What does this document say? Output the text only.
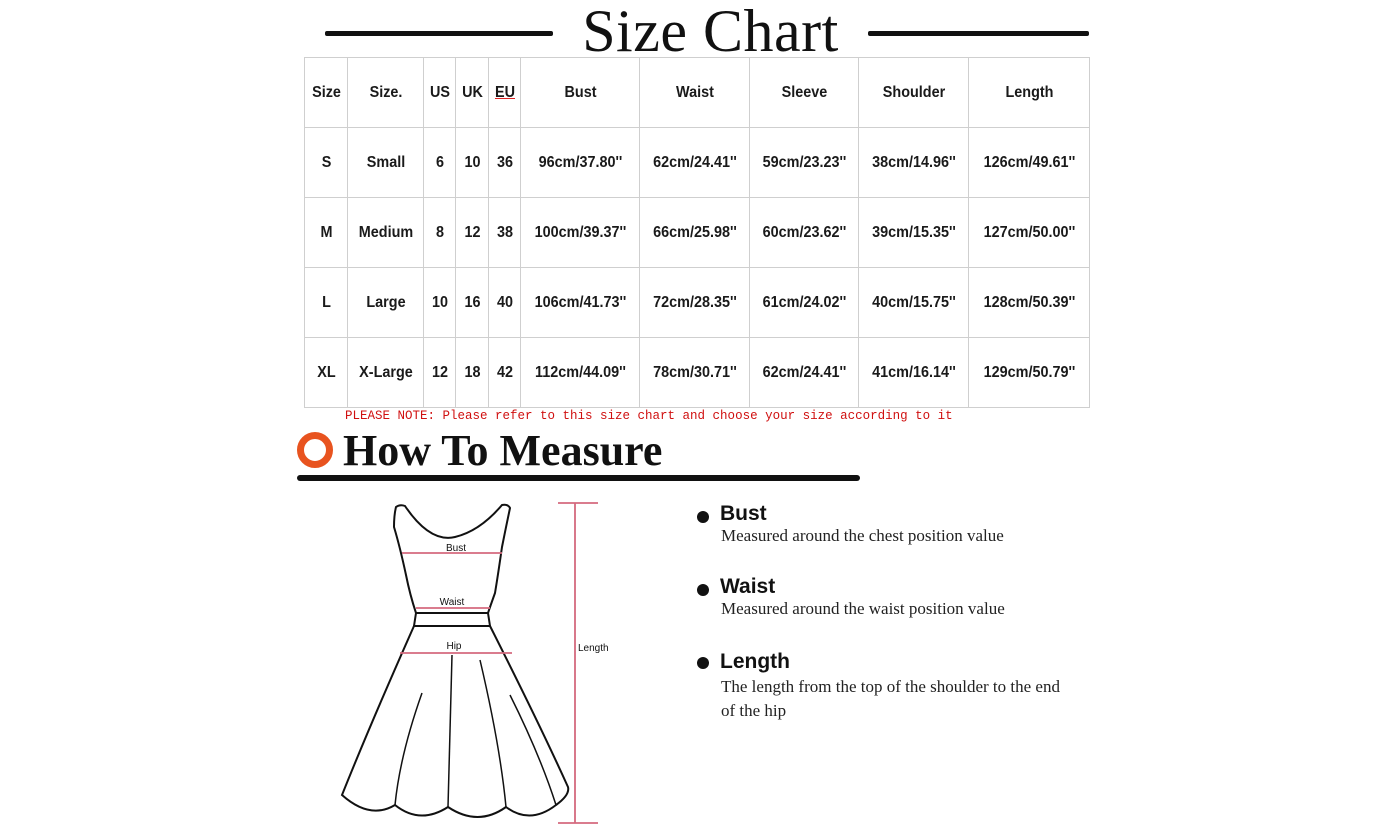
Size Chart
Size	Size.	US	UK	EU	Bust	Waist	Sleeve	Shoulder	Length
S	Small	6	10	36	96cm/37.80''	62cm/24.41''	59cm/23.23''	38cm/14.96''	126cm/49.61''
M	Medium	8	12	38	100cm/39.37''	66cm/25.98''	60cm/23.62''	39cm/15.35''	127cm/50.00''
L	Large	10	16	40	106cm/41.73''	72cm/28.35''	61cm/24.02''	40cm/15.75''	128cm/50.39''
XL	X-Large	12	18	42	112cm/44.09''	78cm/30.71''	62cm/24.41''	41cm/16.14''	129cm/50.79''
PLEASE NOTE: Please refer to this size chart and choose your size according to it
How To Measure
Bust
Waist
Hip	Length
Bust
Measured around the chest position value
Waist
Measured around the waist position value
Length
The length from the top of the shoulder to the end of the hip
